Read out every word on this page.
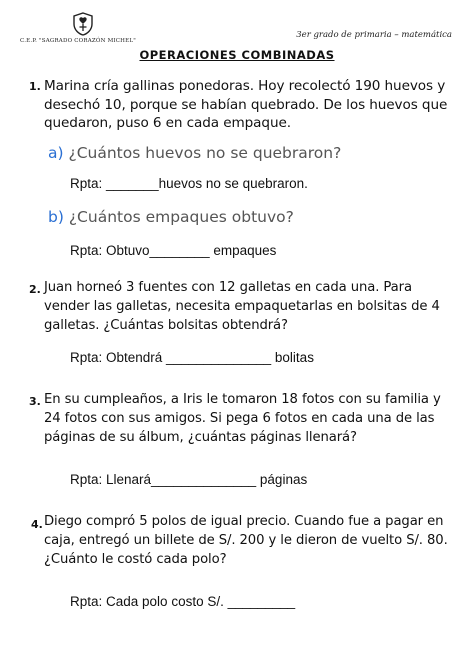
C.E.P. "SAGRADO CORAZÓN MICHEL"
3er grado de primaria – matemática
OPERACIONES COMBINADAS
1. Marina cría gallinas ponedoras. Hoy recolectó 190 huevos y desechó 10, porque se habían quebrado. De los huevos que quedaron, puso 6 en cada empaque.
a) ¿Cuántos huevos no se quebraron?
Rpta: _______huevos no se quebraron.
b) ¿Cuántos empaques obtuvo?
Rpta: Obtuvo________ empaques
2. Juan horneó 3 fuentes con 12 galletas en cada una. Para vender las galletas, necesita empaquetarlas en bolsitas de 4 galletas. ¿Cuántas bolsitas obtendrá?
Rpta: Obtendrá ______________ bolitas
3. En su cumpleaños, a Iris le tomaron 18 fotos con su familia y 24 fotos con sus amigos. Si pega 6 fotos en cada una de las páginas de su álbum, ¿cuántas páginas llenará?
Rpta: Llenará______________ páginas
4. Diego compró 5 polos de igual precio. Cuando fue a pagar en caja, entregó un billete de S/. 200 y le dieron de vuelto S/. 80. ¿Cuánto le costó cada polo?
Rpta: Cada polo costo S/. _________
